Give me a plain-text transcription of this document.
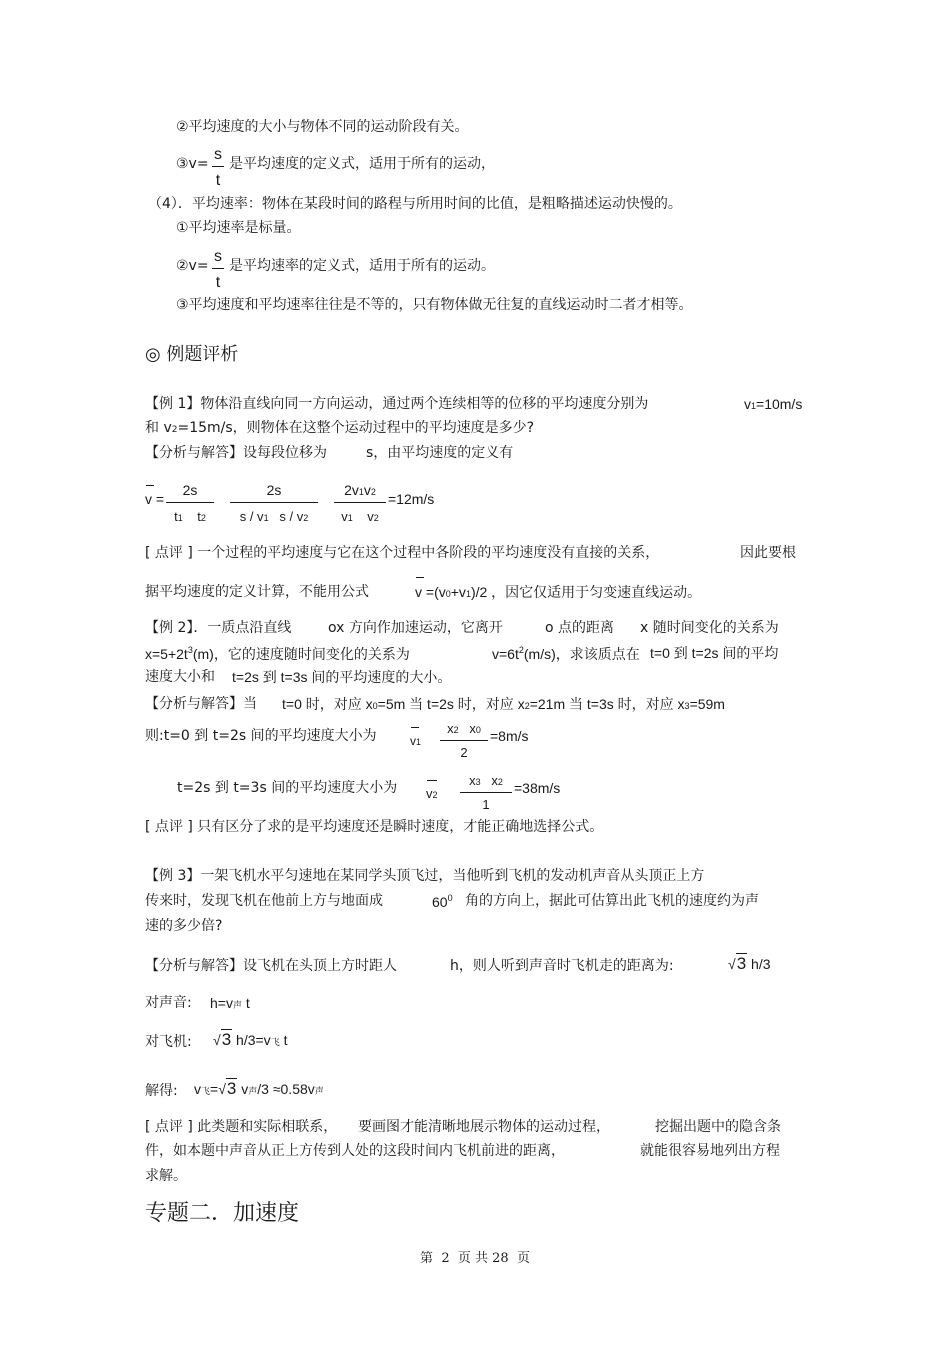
②平均速度的大小与物体不同的运动阶段有关。
③v=
s
t
是平均速度的定义式，适用于所有的运动，
（4）．平均速率：物体在某段时间的路程与所用时间的比值，是粗略描述运动快慢的。
①平均速率是标量。
②v=
s
t
是平均速率的定义式，适用于所有的运动。
③平均速度和平均速率往往是不等的，只有物体做无往复的直线运动时二者才相等。
◎ 例题评析
【例 1】物体沿直线向同一方向运动，通过两个连续相等的位移的平均速度分别为	v1=10m/s
和 v2=15m/s，则物体在这整个运动过程中的平均速度是多少?
【分析与解答】设每段位移为	s，由平均速度的定义有
v =
2s
t1 t2
2s
s / v1 s / v2
2v1v2
v1 v2
=12m/s
[ 点评 ] 一个过程的平均速度与它在这个过程中各阶段的平均速度没有直接的关系，	因此要根
据平均速度的定义计算，不能用公式	v =(v0+v1)/2 ，因它仅适用于匀变速直线运动。
【例 2】．一质点沿直线	ox 方向作加速运动，它离开	o 点的距离 x 随时间变化的关系为
$x=5+2t^3(m)$，它的速度随时间变化的关系为	$v=6t^2(m/s)$，求该质点在 t=0 到 t=2s 间的平均
速度大小和 t=2s 到 t=3s 间的平均速度的大小。
【分析与解答】当 t=0 时，对应 x0=5m 当 t=2s 时，对应 x2=21m 当 t=3s 时，对应 x3=59m
则:t=0 到 t=2s 间的平均速度大小为	v1
x2 x0
2
=8m/s
t=2s 到 t=3s 间的平均速度大小为 v2
x3 x2
1
=38m/s
[ 点评 ] 只有区分了求的是平均速度还是瞬时速度，才能正确地选择公式。
【例 3】一架飞机水平匀速地在某同学头顶飞过，当他听到飞机的发动机声音从头顶正上方
传来时，发现飞机在他前上方与地面成	$60^0$ 角的方向上，据此可估算出此飞机的速度约为声
速的多少倍?
【分析与解答】设飞机在头顶上方时距人	h，则人听到声音时飞机走的距离为:	√3 h/3
对声音: h=v声 t
对飞机: √3 h/3=v飞 t
解得: v飞=√3 v声/3 ≈0.58v声
[ 点评 ] 此类题和实际相联系， 要画图才能清晰地展示物体的运动过程，	挖掘出题中的隐含条
件，如本题中声音从正上方传到人处的这段时间内飞机前进的距离，	就能很容易地列出方程
求解。
专题二．加速度
第 2 页 共 28 页
